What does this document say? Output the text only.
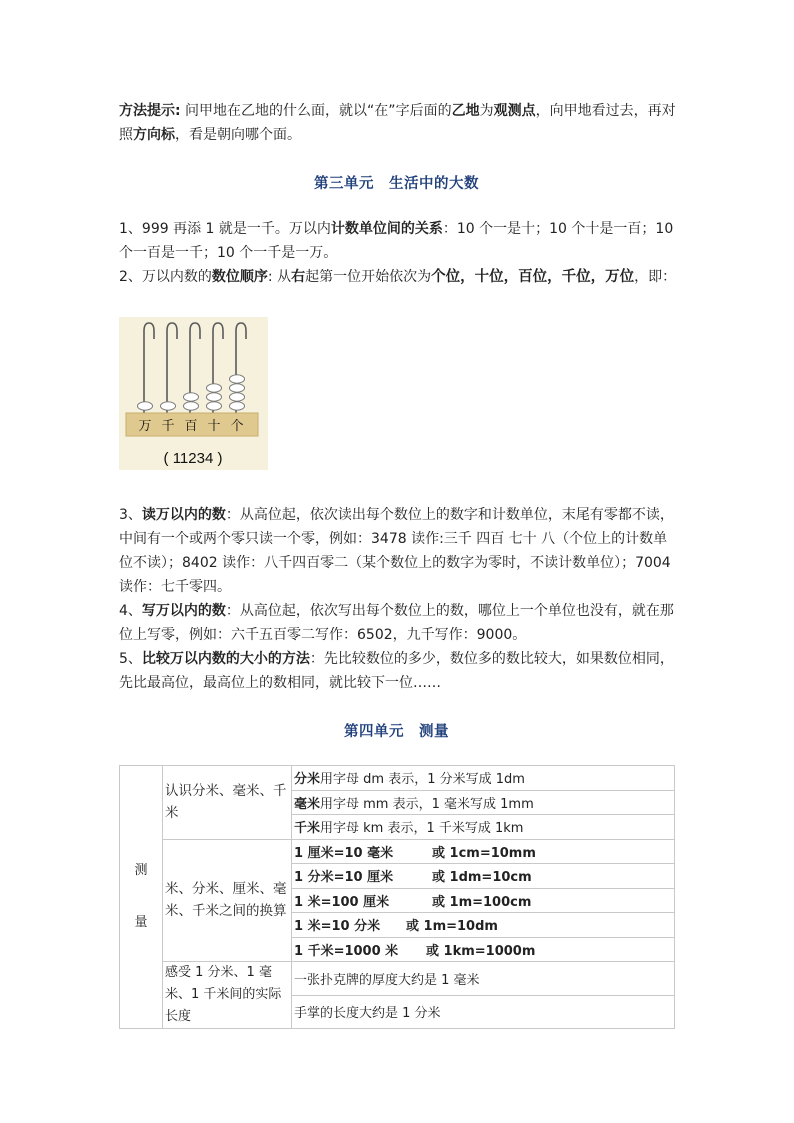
方法提示: 问甲地在乙地的什么面，就以“在”字后面的乙地为观测点，向甲地看过去，再对照方向标，看是朝向哪个面。
第三单元　生活中的大数
1、999 再添 1 就是一千。万以内计数单位间的关系：10 个一是十；10 个十是一百；10 个一百是一千；10 个一千是一万。
2、万以内数的数位顺序: 从右起第一位开始依次为个位，十位，百位，千位，万位，即：
万 千 百 十 个
( 11234 )
3、读万以内的数：从高位起，依次读出每个数位上的数字和计数单位，末尾有零都不读，中间有一个或两个零只读一个零，例如：3478 读作:三千 四百 七十 八（个位上的计数单位不读）；8402 读作：八千四百零二（某个数位上的数字为零时，不读计数单位）；7004 读作：七千零四。
4、写万以内的数：从高位起，依次写出每个数位上的数，哪位上一个单位也没有，就在那位上写零，例如：六千五百零二写作：6502，九千写作：9000。
5、比较万以内数的大小的方法：先比较数位的多少，数位多的数比较大，如果数位相同，先比最高位，最高位上的数相同，就比较下一位……
第四单元　测量
测
量	认识分米、毫米、千米	分米用字母 dm 表示，1 分米写成 1dm
		毫米用字母 mm 表示，1 毫米写成 1mm
		千米用字母 km 表示，1 千米写成 1km
	米、分米、厘米、毫米、千米之间的换算	1 厘米=10 毫米 或 1cm=10mm
		1 分米=10 厘米 或 1dm=10cm
		1 米=100 厘米 或 1m=100cm
		1 米=10 分米 或 1m=10dm
		1 千米=1000 米 或 1km=1000m
	感受 1 分米、1 毫米、1 千米间的实际长度	一张扑克牌的厚度大约是 1 毫米
		手掌的长度大约是 1 分米
